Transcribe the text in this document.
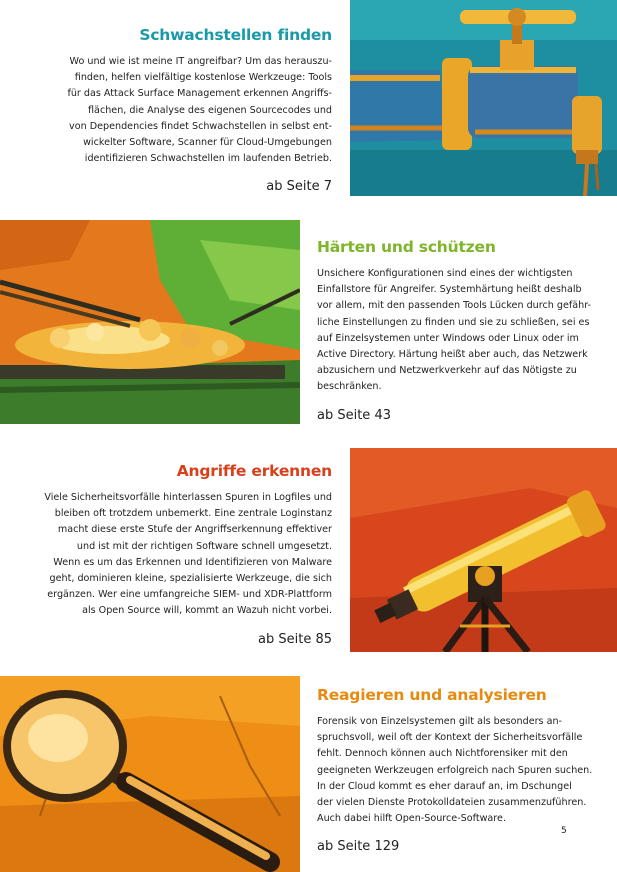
Schwachstellen finden

Wo und wie ist meine IT angreifbar? Um das herauszu-
finden, helfen vielfältige kostenlose Werkzeuge: Tools
für das Attack Surface Management erkennen Angriffs-
flächen, die Analyse des eigenen Sourcecodes und
von Dependencies findet Schwachstellen in selbst ent-
wickelter Software, Scanner für Cloud-Umgebungen
identifizieren Schwachstellen im laufenden Betrieb.

ab Seite 7
Härten und schützen

Unsichere Konfigurationen sind eines der wichtigsten
Einfallstore für Angreifer. Systemhärtung heißt deshalb
vor allem, mit den passenden Tools Lücken durch gefähr-
liche Einstellungen zu finden und sie zu schließen, sei es
auf Einzelsystemen unter Windows oder Linux oder im
Active Directory. Härtung heißt aber auch, das Netzwerk
abzusichern und Netzwerkverkehr auf das Nötigste zu
beschränken.

ab Seite 43
Angriffe erkennen

Viele Sicherheitsvorfälle hinterlassen Spuren in Logfiles und
bleiben oft trotzdem unbemerkt. Eine zentrale Loginstanz
macht diese erste Stufe der Angriffserkennung effektiver
und ist mit der richtigen Software schnell umgesetzt.
Wenn es um das Erkennen und Identifizieren von Malware
geht, dominieren kleine, spezialisierte Werkzeuge, die sich
ergänzen. Wer eine umfangreiche SIEM- und XDR-Plattform
als Open Source will, kommt an Wazuh nicht vorbei.

ab Seite 85
Reagieren und analysieren

Forensik von Einzelsystemen gilt als besonders an-
spruchsvoll, weil oft der Kontext der Sicherheitsvorfälle
fehlt. Dennoch können auch Nichtforensiker mit den
geeigneten Werkzeugen erfolgreich nach Spuren suchen.
In der Cloud kommt es eher darauf an, im Dschungel
der vielen Dienste Protokolldateien zusammenzuführen.
Auch dabei hilft Open-Source-Software.

ab Seite 129
5
